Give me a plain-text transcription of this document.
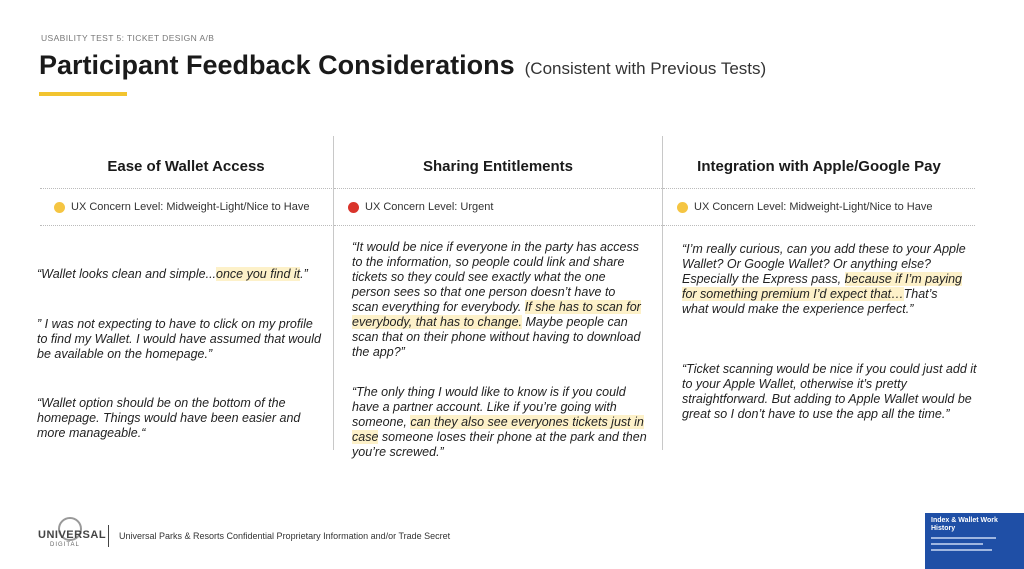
USABILITY TEST 5: TICKET DESIGN A/B
Participant Feedback Considerations (Consistent with Previous Tests)
Ease of Wallet Access
UX Concern Level: Midweight-Light/Nice to Have
Sharing Entitlements
UX Concern Level: Urgent
Integration with Apple/Google Pay
UX Concern Level: Midweight-Light/Nice to Have

“Wallet looks clean and simple...once you find it.”

” I was not expecting to have to click on my profile to find my Wallet. I would have assumed that would be available on the homepage.”

“Wallet option should be on the bottom of the homepage. Things would have been easier and more manageable.“

“It would be nice if everyone in the party has access to the information, so people could link and share tickets so they could see exactly what the one person sees so that one person doesn’t have to scan everything for everybody. If she has to scan for everybody, that has to change. Maybe people can scan that on their phone without having to download the app?”

“The only thing I would like to know is if you could have a partner account. Like if you’re going with someone, can they also see everyones tickets just in case someone loses their phone at the park and then you’re screwed.”

“I’m really curious, can you add these to your Apple Wallet? Or Google Wallet? Or anything else? Especially the Express pass, because if I’m paying for something premium I’d expect that…That’s what would make the experience perfect.”

“Ticket scanning would be nice if you could just add it to your Apple Wallet, otherwise it’s pretty straightforward. But adding to Apple Wallet would be great so I don’t have to use the app all the time.”

UNIVERSAL
DIGITAL
Universal Parks & Resorts Confidential Proprietary Information and/or Trade Secret
Index & Wallet Work History
